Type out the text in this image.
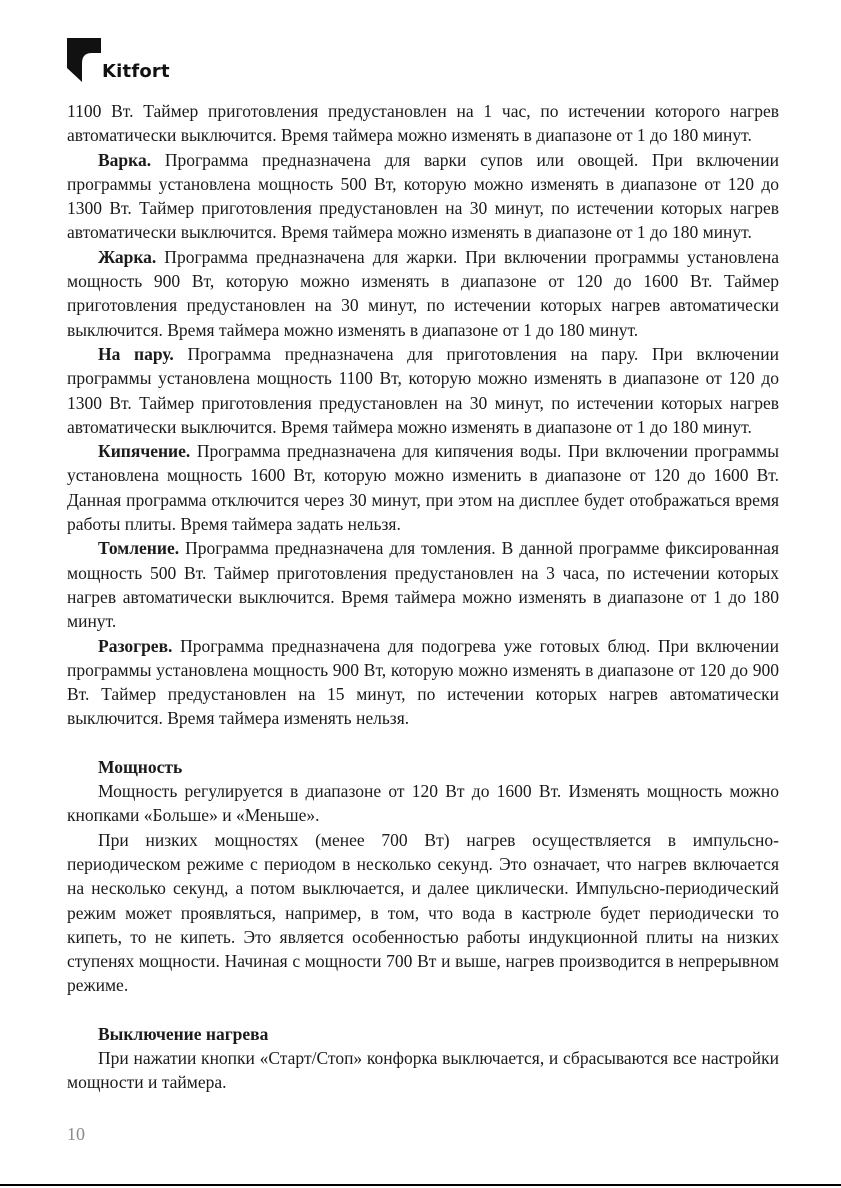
Kitfort

1100 Вт. Таймер приготовления предустановлен на 1 час, по истечении которого нагрев автоматически выключится. Время таймера можно изменять в диапазоне от 1 до 180 минут.

Варка. Программа предназначена для варки супов или овощей. При включении программы установлена мощность 500 Вт, которую можно изменять в диапазоне от 120 до 1300 Вт. Таймер приготовления предустановлен на 30 минут, по истечении которых нагрев автоматически выключится. Время таймера можно изменять в диапазоне от 1 до 180 минут.

Жарка. Программа предназначена для жарки. При включении программы установлена мощность 900 Вт, которую можно изменять в диапазоне от 120 до 1600 Вт. Таймер приготовления предустановлен на 30 минут, по истечении которых нагрев автоматически выключится. Время таймера можно изменять в диапазоне от 1 до 180 минут.

На пару. Программа предназначена для приготовления на пару. При включении программы установлена мощность 1100 Вт, которую можно изменять в диапазоне от 120 до 1300 Вт. Таймер приготовления предустановлен на 30 минут, по истечении которых нагрев автоматически выключится. Время таймера можно изменять в диапазоне от 1 до 180 минут.

Кипячение. Программа предназначена для кипячения воды. При включении программы установлена мощность 1600 Вт, которую можно изменить в диапазоне от 120 до 1600 Вт. Данная программа отключится через 30 минут, при этом на дисплее будет отображаться время работы плиты. Время таймера задать нельзя.

Томление. Программа предназначена для томления. В данной программе фиксированная мощность 500 Вт. Таймер приготовления предустановлен на 3 часа, по истечении которых нагрев автоматически выключится. Время таймера можно изменять в диапазоне от 1 до 180 минут.

Разогрев. Программа предназначена для подогрева уже готовых блюд. При включении программы установлена мощность 900 Вт, которую можно изменять в диапазоне от 120 до 900 Вт. Таймер предустановлен на 15 минут, по истечении которых нагрев автоматически выключится. Время таймера изменять нельзя.

Мощность

Мощность регулируется в диапазоне от 120 Вт до 1600 Вт. Изменять мощность можно кнопками «Больше» и «Меньше».

При низких мощностях (менее 700 Вт) нагрев осуществляется в импульсно-периодическом режиме с периодом в несколько секунд. Это означает, что нагрев включается на несколько секунд, а потом выключается, и далее циклически. Импульсно-периодический режим может проявляться, например, в том, что вода в кастрюле будет периодически то кипеть, то не кипеть. Это является особенностью работы индукционной плиты на низких ступенях мощности. Начиная с мощности 700 Вт и выше, нагрев производится в непрерывном режиме.

Выключение нагрева

При нажатии кнопки «Старт/Стоп» конфорка выключается, и сбрасываются все настройки мощности и таймера.

10
